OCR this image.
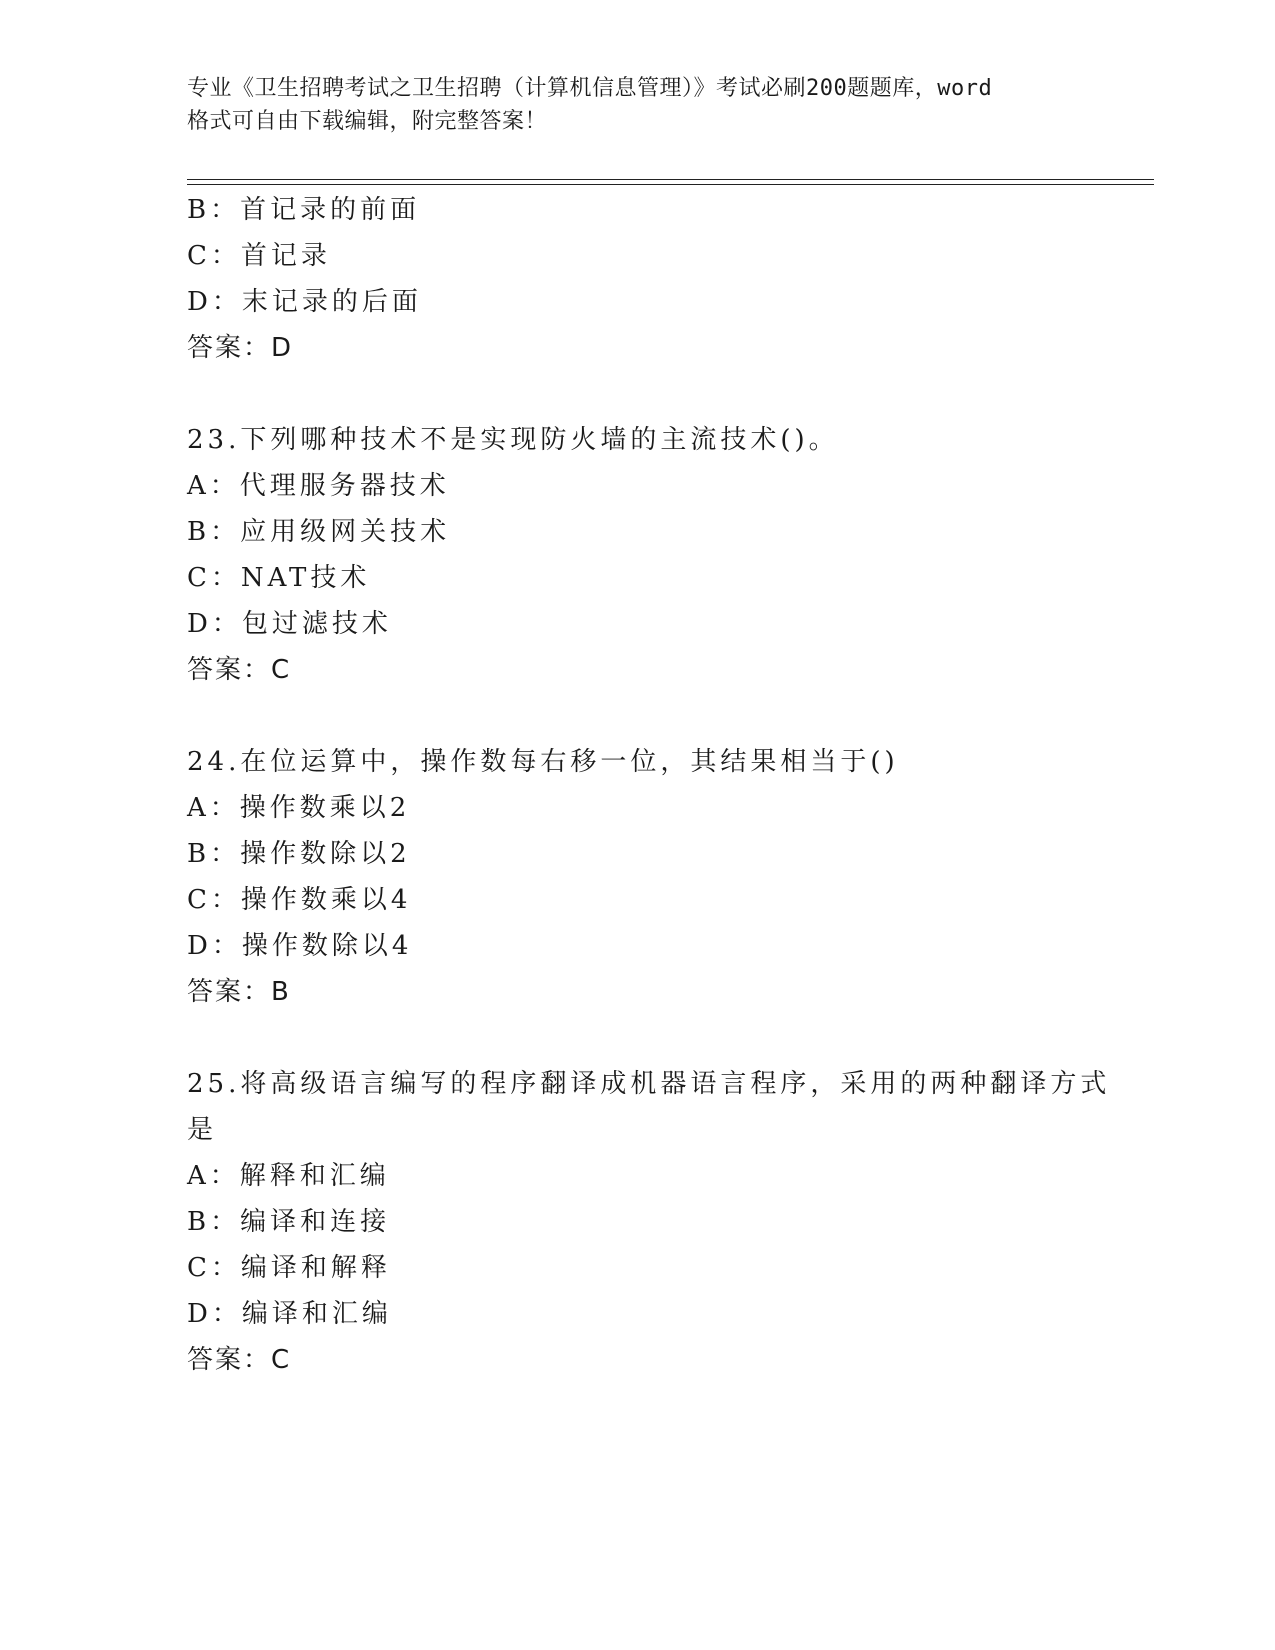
专业《卫生招聘考试之卫生招聘（计算机信息管理）》考试必刷200题题库，word
格式可自由下载编辑，附完整答案！
B：首记录的前面
C：首记录
D：末记录的后面
答案：D
23.下列哪种技术不是实现防火墙的主流技术()。
A：代理服务器技术
B：应用级网关技术
C：NAT技术
D：包过滤技术
答案：C
24.在位运算中，操作数每右移一位，其结果相当于()
A：操作数乘以2
B：操作数除以2
C：操作数乘以4
D：操作数除以4
答案：B
25.将高级语言编写的程序翻译成机器语言程序，采用的两种翻译方式
是
A：解释和汇编
B：编译和连接
C：编译和解释
D：编译和汇编
答案：C
